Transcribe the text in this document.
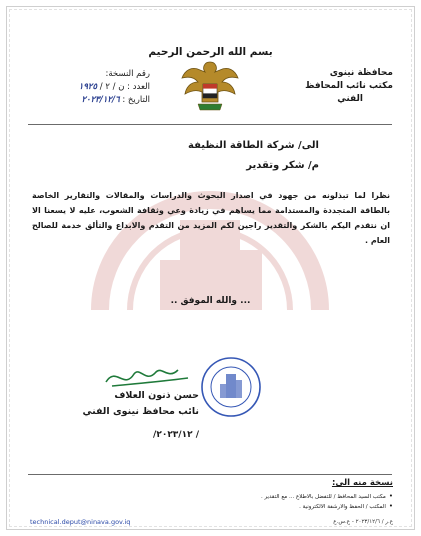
بسم الله الرحمن الرحيم
محافظة نينوى
مكتب نائب المحافظ
الفني
رقم النسخة:
العدد : ن / ٢ / ١٩٢٥
التاريخ : ٢٠٢٣/١٢/٦
الى/ شركة الطاقة النظيفة
م/ شكر وتقدير
نظرا لما تبذلونه من جهود في اصدار البحوث والدراسات والمقالات والتقارير الخاصة بالطاقة المتجددة والمستدامة مما يساهم في زيادة وعي وثقافة الشعوب، عليه لا يسعنا الا ان نتقدم اليكم بالشكر والتقدير راجين لكم المزيد من التقدم والابداع والتألق خدمة للصالح العام .
... والله الموفق ..
حسن ذنون العلاف
نائب محافظ نينوى الفني
/ ٢٠٢٣/١٢/
نسخة منه الى:
•مكتب السيد المحافظ / للتفضل بالاطلاع ... مع التقدير .
•المكتب / الحفظ والارشفة الالكترونية .
ع.ر / ٢٠٢٣/١٢/٦ - ع.س.ع
technical.deput@ninava.gov.iq
